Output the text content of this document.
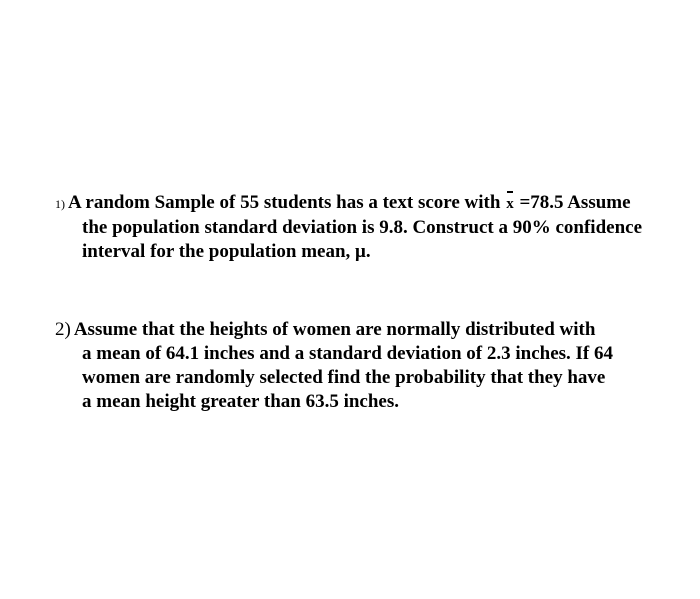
1) A random Sample of 55 students has a text score with x =78.5 Assume
the population standard deviation is 9.8. Construct a 90% confidence
interval for the population mean, μ.
2) Assume that the heights of women are normally distributed with
a mean of 64.1 inches and a standard deviation of 2.3 inches. If 64
women are randomly selected find the probability that they have
a mean height greater than 63.5 inches.
